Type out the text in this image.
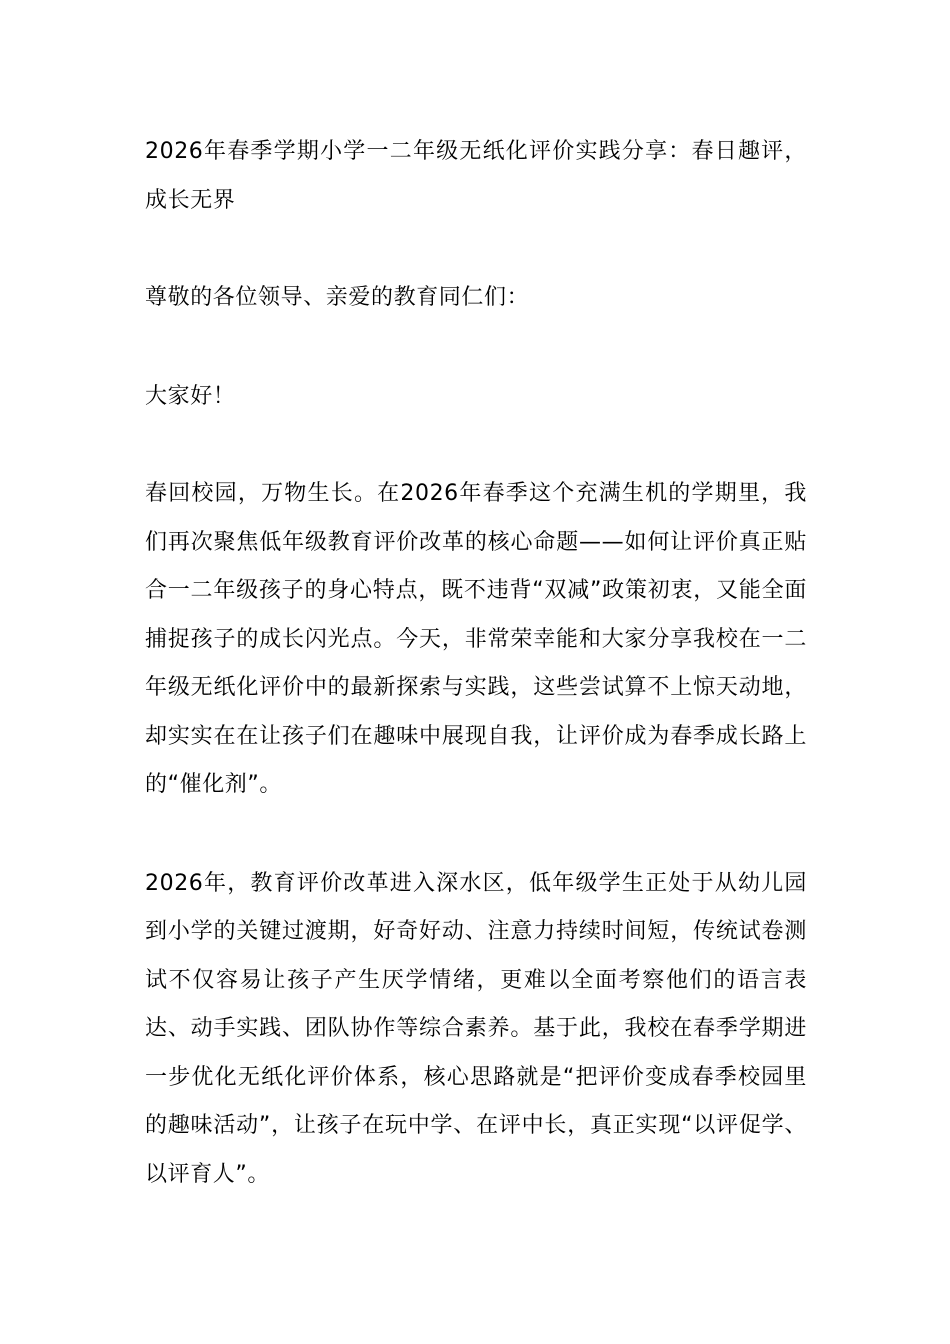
2026年春季学期小学一二年级无纸化评价实践分享：春日趣评，成长无界

尊敬的各位领导、亲爱的教育同仁们：

大家好！

春回校园，万物生长。在2026年春季这个充满生机的学期里，我们再次聚焦低年级教育评价改革的核心命题——如何让评价真正贴合一二年级孩子的身心特点，既不违背“双减”政策初衷，又能全面捕捉孩子的成长闪光点。今天，非常荣幸能和大家分享我校在一二年级无纸化评价中的最新探索与实践，这些尝试算不上惊天动地，却实实在在让孩子们在趣味中展现自我，让评价成为春季成长路上的“催化剂”。

2026年，教育评价改革进入深水区，低年级学生正处于从幼儿园到小学的关键过渡期，好奇好动、注意力持续时间短，传统试卷测试不仅容易让孩子产生厌学情绪，更难以全面考察他们的语言表达、动手实践、团队协作等综合素养。基于此，我校在春季学期进一步优化无纸化评价体系，核心思路就是“把评价变成春季校园里的趣味活动”，让孩子在玩中学、在评中长，真正实现“以评促学、以评育人”。
